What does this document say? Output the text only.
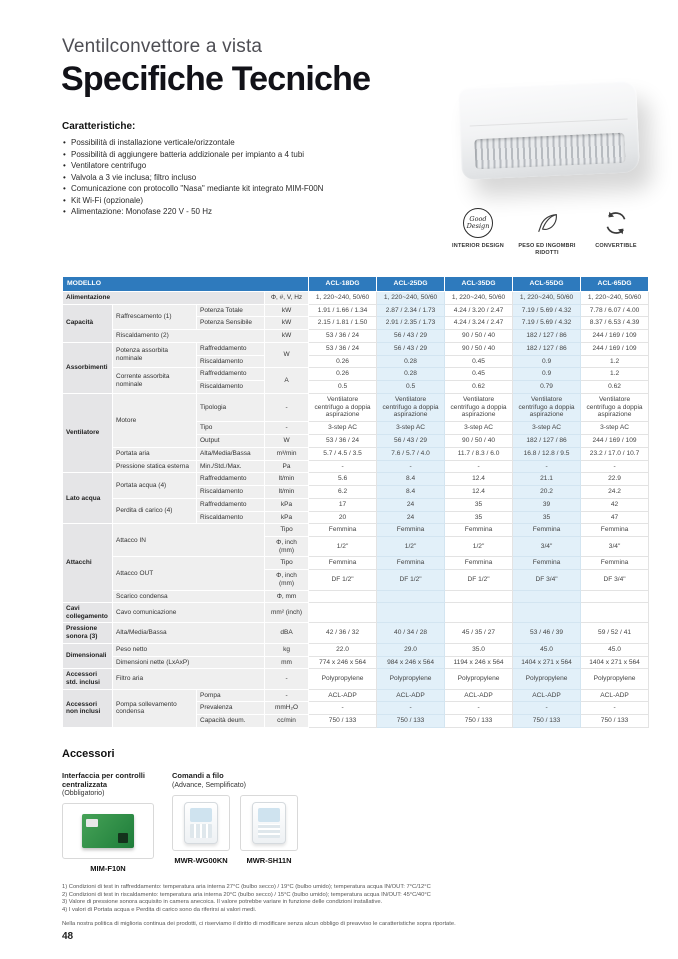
Ventilconvettore a vista
Specifiche Tecniche
Caratteristiche:
• Possibilità di installazione verticale/orizzontale
• Possibilità di aggiungere batteria addizionale per impianto a 4 tubi
• Ventilatore centrifugo
• Valvola a 3 vie inclusa; filtro incluso
• Comunicazione con protocollo "Nasa" mediante kit integrato MIM-F00N
• Kit Wi-Fi (opzionale)
• Alimentazione: Monofase 220 V - 50 Hz
Good Design
INTERIOR DESIGN	PESO ED INGOMBRI RIDOTTI
CONVERTIBLE
MODELLO				ACL-18DG	ACL-25DG	ACL-35DG	ACL-55DG	ACL-65DG
Alimentazione			Φ, #, V, Hz	1, 220~240, 50/60	1, 220~240, 50/60	1, 220~240, 50/60	1, 220~240, 50/60	1, 220~240, 50/60
Capacità	Raffrescamento (1)	Potenza Totale	kW	1.91 / 1.66 / 1.34	2.87 / 2.34 / 1.73	4.24 / 3.20 / 2.47	7.19 / 5.69 / 4.32	7.78 / 6.07 / 4.00
		Potenza Sensibile	kW	2.15 / 1.81 / 1.50	2.91 / 2.35 / 1.73	4.24 / 3.24 / 2.47	7.19 / 5.69 / 4.32	8.37 / 6.53 / 4.39
	Riscaldamento (2)		kW	53 / 36 / 24	56 / 43 / 29	90 / 50 / 40	182 / 127 / 86	244 / 169 / 109
Assorbimenti	Potenza assorbita nominale	Raffreddamento	W	53 / 36 / 24	56 / 43 / 29	90 / 50 / 40	182 / 127 / 86	244 / 169 / 109
		Riscaldamento		0.26	0.28	0.45	0.9	1.2
	Corrente assorbita nominale	Raffreddamento	A	0.26	0.28	0.45	0.9	1.2
		Riscaldamento		0.5	0.5	0.62	0.79	0.62
Ventilatore	Motore	Tipologia	-	Ventilatore centrifugo a doppia aspirazione	Ventilatore centrifugo a doppia aspirazione	Ventilatore centrifugo a doppia aspirazione	Ventilatore centrifugo a doppia aspirazione	Ventilatore centrifugo a doppia aspirazione
		Tipo	-	3-step AC	3-step AC	3-step AC	3-step AC	3-step AC
		Output	W	53 / 36 / 24	56 / 43 / 29	90 / 50 / 40	182 / 127 / 86	244 / 169 / 109
	Portata aria	Alta/Media/Bassa	m³/min	5.7 / 4.5 / 3.5	7.6 / 5.7 / 4.0	11.7 / 8.3 / 6.0	16.8 / 12.8 / 9.5	23.2 / 17.0 / 10.7
	Pressione statica esterna	Min./Std./Max.	Pa	-	-	-	-	-
Lato acqua	Portata acqua (4)	Raffreddamento	lt/min	5.6	8.4	12.4	21.1	22.9
		Riscaldamento	lt/min	6.2	8.4	12.4	20.2	24.2
	Perdita di carico (4)	Raffreddamento	kPa	17	24	35	39	42
		Riscaldamento	kPa	20	24	35	35	47
Attacchi	Attacco IN		Tipo	Femmina	Femmina	Femmina	Femmina	Femmina
			Φ, inch (mm)	1/2"	1/2"	1/2"	3/4"	3/4"
	Attacco OUT		Tipo	Femmina	Femmina	Femmina	Femmina	Femmina
			Φ, inch (mm)	DF 1/2"	DF 1/2"	DF 1/2"	DF 3/4"	DF 3/4"
	Scarico condensa		Φ, mm					
Cavi collegamento	Cavo comunicazione		mm² (inch)					
Pressione sonora (3)	Alta/Media/Bassa		dBA	42 / 36 / 32	40 / 34 / 28	45 / 35 / 27	53 / 46 / 39	59 / 52 / 41
Dimensionali	Peso netto		kg	22.0	29.0	35.0	45.0	45.0
	Dimensioni nette (LxAxP)		mm	774 x 246 x 564	984 x 246 x 564	1194 x 246 x 564	1404 x 271 x 564	1404 x 271 x 564
Accessori std. inclusi	Filtro aria		-	Polypropylene	Polypropylene	Polypropylene	Polypropylene	Polypropylene
Accessori non inclusi	Pompa sollevamento condensa	Pompa	-	ACL-ADP	ACL-ADP	ACL-ADP	ACL-ADP	ACL-ADP
		Prevalenza	mmH₂O	-	-	-	-	-
		Capacità deum.	cc/min	750 / 133	750 / 133	750 / 133	750 / 133	750 / 133
Accessori
Interfaccia per controlli centralizzata
(Obbligatorio)
MIM-F10N
Comandi a filo
(Advance, Semplificato)
MWR-WG00KN	MWR-SH11N
1) Condizioni di test in raffreddamento: temperatura aria interna 27°C (bulbo secco) / 19°C (bulbo umido); temperatura acqua IN/OUT: 7°C/12°C
2) Condizioni di test in riscaldamento: temperatura aria interna 20°C (bulbo secco) / 15°C (bulbo umido); temperatura acqua IN/OUT: 45°C/40°C
3) Valore di pressione sonora acquisito in camera anecoica. Il valore potrebbe variare in funzione delle condizioni installative.
4) I valori di Portata acqua e Perdita di carico sono da riferirsi ai valori medi.
Nella nostra politica di miglioria continua dei prodotti, ci riserviamo il diritto di modificare senza alcun obbligo di preavviso le caratteristiche sopra riportate.
48
